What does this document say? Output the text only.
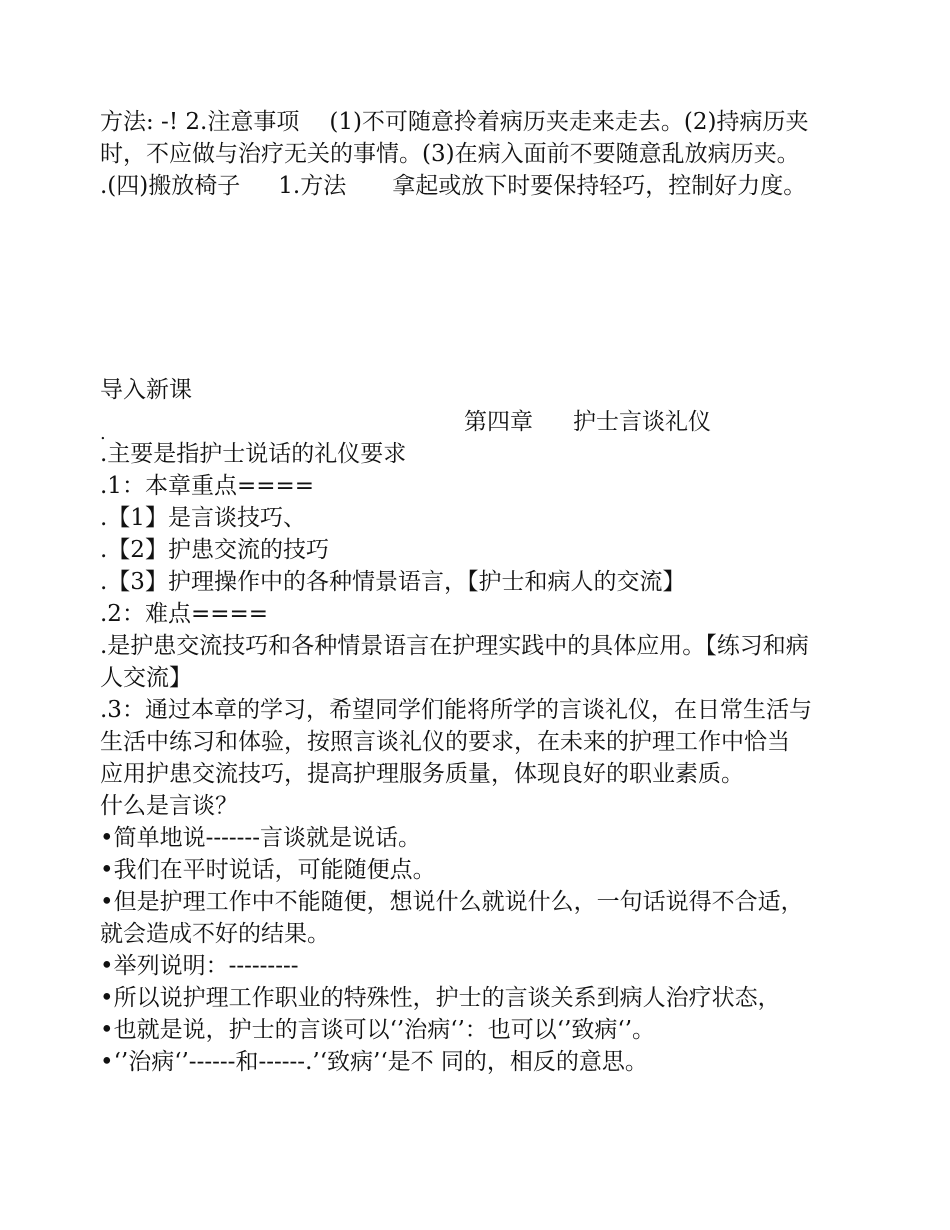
方法: -! 2.注意事项 (1)不可随意拎着病历夹走来走去。(2)持病历夹
时，不应做与治疗无关的事情。(3)在病入面前不要随意乱放病历夹。
.(四)搬放椅子 1.方法 拿起或放下时要保持轻巧，控制好力度。
导入新课
第四章 护士言谈礼仪
.
.主要是指护士说话的礼仪要求
.1：本章重点====
.【1】是言谈技巧、
.【2】护患交流的技巧
.【3】护理操作中的各种情景语言，【护士和病人的交流】
.2：难点====
.是护患交流技巧和各种情景语言在护理实践中的具体应用。【练习和病
人交流】
.3：通过本章的学习，希望同学们能将所学的言谈礼仪，在日常生活与
生活中练习和体验，按照言谈礼仪的要求，在未来的护理工作中恰当
应用护患交流技巧，提高护理服务质量，体现良好的职业素质。
什么是言谈？
•简单地说-------言谈就是说话。
•我们在平时说话，可能随便点。
•但是护理工作中不能随便，想说什么就说什么，一句话说得不合适，
就会造成不好的结果。
•举列说明：---------
•所以说护理工作职业的特殊性，护士的言谈关系到病人治疗状态，
•也就是说，护士的言谈可以‘’治病‘’：也可以‘’致病‘’。
•‘’治病‘’------和------.’‘致病’‘是不 同的，相反的意思。
